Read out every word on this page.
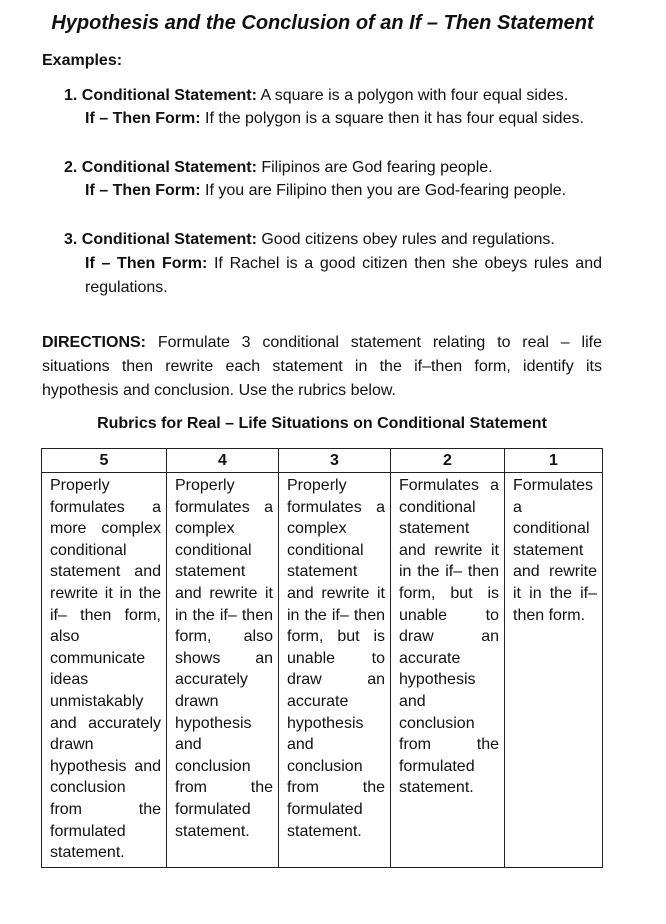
Hypothesis and the Conclusion of an If – Then Statement
Examples:
1. Conditional Statement: A square is a polygon with four equal sides.
If – Then Form: If the polygon is a square then it has four equal sides.
2. Conditional Statement: Filipinos are God fearing people.
If – Then Form: If you are Filipino then you are God-fearing people.
3. Conditional Statement: Good citizens obey rules and regulations.
If – Then Form: If Rachel is a good citizen then she obeys rules and regulations.
DIRECTIONS: Formulate 3 conditional statement relating to real – life situations then rewrite each statement in the if–then form, identify its hypothesis and conclusion. Use the rubrics below.
Rubrics for Real – Life Situations on Conditional Statement
5	4	3	2	1
Properly formulates a more complex conditional statement and rewrite it in the if– then form, also communicate ideas unmistakably and accurately drawn hypothesis and conclusion from the formulated statement.	Properly formulates a complex conditional statement and rewrite it in the if– then form, also shows an accurately drawn hypothesis and conclusion from the formulated statement.	Properly formulates a complex conditional statement and rewrite it in the if– then form, but is unable to draw an accurate hypothesis and conclusion from the formulated statement.	Formulates a conditional statement and rewrite it in the if– then form, but is unable to draw an accurate hypothesis and conclusion from the formulated statement.	Formulates a conditional statement and rewrite it in the if– then form.
